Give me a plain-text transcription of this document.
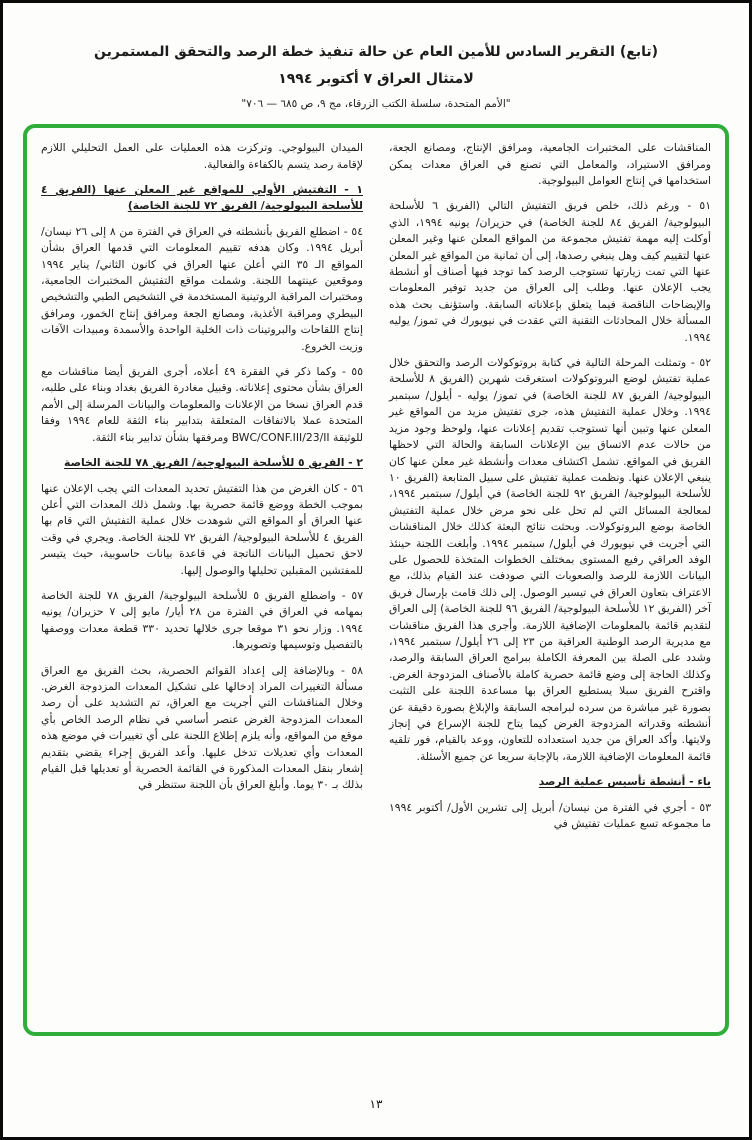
(تابع) التقرير السادس للأمين العام عن حالة تنفيذ خطة الرصد والتحقق المستمرين
لامتثال العراق ٧ أكتوبر ١٩٩٤
"الأمم المتحدة، سلسلة الكتب الزرقاء، مج ٩، ص ٦٨٥ — ٧٠٦"

المناقشات على المختبرات الجامعية، ومرافق الإنتاج، ومصانع الجعة، ومرافق الاستيراد، والمعامل التي تصنع في العراق معدات يمكن استخدامها في إنتاج العوامل البيولوجية.

٥١ - ورغم ذلك، خلص فريق التفتيش التالي (الفريق ٦ للأسلحة البيولوجية/ الفريق ٨٤ للجنة الخاصة) في حزيران/ يونيه ١٩٩٤، الذي أوكلت إليه مهمة تفتيش مجموعة من المواقع المعلن عنها وغير المعلن عنها لتقييم كيف وهل ينبغي رصدها، إلى أن ثمانية من المواقع غير المعلن عنها التي تمت زيارتها تستوجب الرصد كما توجد فيها أصناف أو أنشطة يجب الإعلان عنها. وطلب إلى العراق من جديد توفير المعلومات والإيضاحات الناقصة فيما يتعلق بإعلاناته السابقة. واستؤنف بحث هذه المسألة خلال المحادثات التقنية التي عقدت في نيويورك في تموز/ يوليه ١٩٩٤.

٥٢ - وتمثلت المرحلة التالية في كتابة بروتوكولات الرصد والتحقق خلال عملية تفتيش لوضع البروتوكولات استغرقت شهرين (الفريق ٨ للأسلحة البيولوجية/ الفريق ٨٧ للجنة الخاصة) في تموز/ يوليه - أيلول/ سبتمبر ١٩٩٤. وخلال عملية التفتيش هذه، جرى تفتيش مزيد من المواقع غير المعلن عنها وتبين أنها تستوجب تقديم إعلانات عنها، ولوحظ وجود مزيد من حالات عدم الاتساق بين الإعلانات السابقة والحالة التي لاحظها الفريق في المواقع. تشمل اكتشاف معدات وأنشطة غير معلن عنها كان ينبغي الإعلان عنها. ونظمت عملية تفتيش على سبيل المتابعة (الفريق ١٠ للأسلحة البيولوجية/ الفريق ٩٢ للجنة الخاصة) في أيلول/ سبتمبر ١٩٩٤، لمعالجة المسائل التي لم تحل على نحو مرض خلال عملية التفتيش الخاصة بوضع البروتوكولات. وبحثت نتائج البعثة كذلك خلال المناقشات التي أجريت في نيويورك في أيلول/ سبتمبر ١٩٩٤. وأبلغت اللجنة حينئذ الوفد العراقي رفيع المستوى بمختلف الخطوات المتخذة للحصول على البيانات اللازمة للرصد والصعوبات التي صودفت عند القيام بذلك، مع الاعتراف بتعاون العراق في تيسير الوصول. إلى ذلك قامت بإرسال فريق آخر (الفريق ١٢ للأسلحة البيولوجية/ الفريق ٩٦ للجنة الخاصة) إلى العراق لتقديم قائمة بالمعلومات الإضافية اللازمة. وأجرى هذا الفريق مناقشات مع مديرية الرصد الوطنية العراقية من ٢٣ إلى ٢٦ أيلول/ سبتمبر ١٩٩٤، وشدد على الصلة بين المعرفة الكاملة ببرامج العراق السابقة والرصد، وكذلك الحاجة إلى وضع قائمة حصرية كاملة بالأصناف المزدوجة الغرض. واقترح الفريق سبلا يستطيع العراق بها مساعدة اللجنة على التثبت بصورة غير مباشرة من سرده لبرامجه السابقة والإبلاغ بصورة دقيقة عن أنشطته وقدراته المزدوجة الغرض كيما يتاح للجنة الإسراع في إنجاز ولايتها. وأكد العراق من جديد استعداده للتعاون، ووعد بالقيام، فور تلقيه قائمة المعلومات الإضافية اللازمة، بالإجابة سريعا عن جميع الأسئلة.

باء - أنشطة تأسيس عملية الرصد

٥٣ - أجري في الفترة من نيسان/ أبريل إلى تشرين الأول/ أكتوبر ١٩٩٤ ما مجموعه تسع عمليات تفتيش في

الميدان البيولوجي. وتركزت هذه العمليات على العمل التحليلي اللازم لإقامة رصد يتسم بالكفاءة والفعالية.

١ - التفتيش الأولي للمواقع غير المعلن عنها (الفريق ٤ للأسلحة البيولوجية/ الفريق ٧٢ للجنة الخاصة)

٥٤ - اضطلع الفريق بأنشطته في العراق في الفترة من ٨ إلى ٢٦ نيسان/ أبريل ١٩٩٤. وكان هدفه تقييم المعلومات التي قدمها العراق بشأن المواقع الـ ٣٥ التي أعلن عنها العراق في كانون الثاني/ يناير ١٩٩٤ وموقعين عينتهما اللجنة. وشملت مواقع التفتيش المختبرات الجامعية، ومختبرات المراقبة الروتينية المستخدمة في التشخيص الطبي والتشخيص البيطري ومراقبة الأغذية، ومصانع الجعة ومرافق إنتاج الخمور، ومرافق إنتاج اللقاحات والبروتينات ذات الخلية الواحدة والأسمدة ومبيدات الآفات وزيت الخروع.

٥٥ - وكما ذكر في الفقرة ٤٩ أعلاه، أجرى الفريق أيضا مناقشات مع العراق بشأن محتوى إعلاناته. وقبيل مغادرة الفريق بغداد وبناء على طلبه، قدم العراق نسخا من الإعلانات والمعلومات والبيانات المرسلة إلى الأمم المتحدة عملا بالاتفاقات المتعلقة بتدابير بناء الثقة للعام ١٩٩٤ وفقا للوثيقة BWC/CONF.III/23/II ومرفقها بشأن تدابير بناء الثقة.

٢ - الفريق ٥ للأسلحة البيولوجية/ الفريق ٧٨ للجنة الخاصة

٥٦ - كان الغرض من هذا التفتيش تحديد المعدات التي يجب الإعلان عنها بموجب الخطة ووضع قائمة حصرية بها. وشمل ذلك المعدات التي أعلن عنها العراق أو المواقع التي شوهدت خلال عملية التفتيش التي قام بها الفريق ٤ للأسلحة البيولوجية/ الفريق ٧٢ للجنة الخاصة. ويجري في وقت لاحق تحميل البيانات الناتجة في قاعدة بيانات حاسوبية، حيث يتيسر للمفتشين المقبلين تحليلها والوصول إليها.

٥٧ - واضطلع الفريق ٥ للأسلحة البيولوجية/ الفريق ٧٨ للجنة الخاصة بمهامه في العراق في الفترة من ٢٨ أيار/ مايو إلى ٧ حزيران/ يونيه ١٩٩٤. وزار نحو ٣١ موقعا جرى خلالها تحديد ٣٣٠ قطعة معدات ووصفها بالتفصيل وتوسيمها وتصويرها.

٥٨ - وبالإضافة إلى إعداد القوائم الحصرية، بحث الفريق مع العراق مسألة التغييرات المراد إدخالها على تشكيل المعدات المزدوجة الغرض. وخلال المناقشات التي أجريت مع العراق، تم التشديد على أن رصد المعدات المزدوجة الغرض عنصر أساسي في نظام الرصد الخاص بأي موقع من المواقع، وأنه يلزم إطلاع اللجنة على أي تغييرات في موضع هذه المعدات وأي تعديلات تدخل عليها. وأعد الفريق إجراء يقضي بتقديم إشعار بنقل المعدات المذكورة في القائمة الحصرية أو تعديلها قبل القيام بذلك بـ ٣٠ يوما. وأبلغ العراق بأن اللجنة ستنظر في

١٣
